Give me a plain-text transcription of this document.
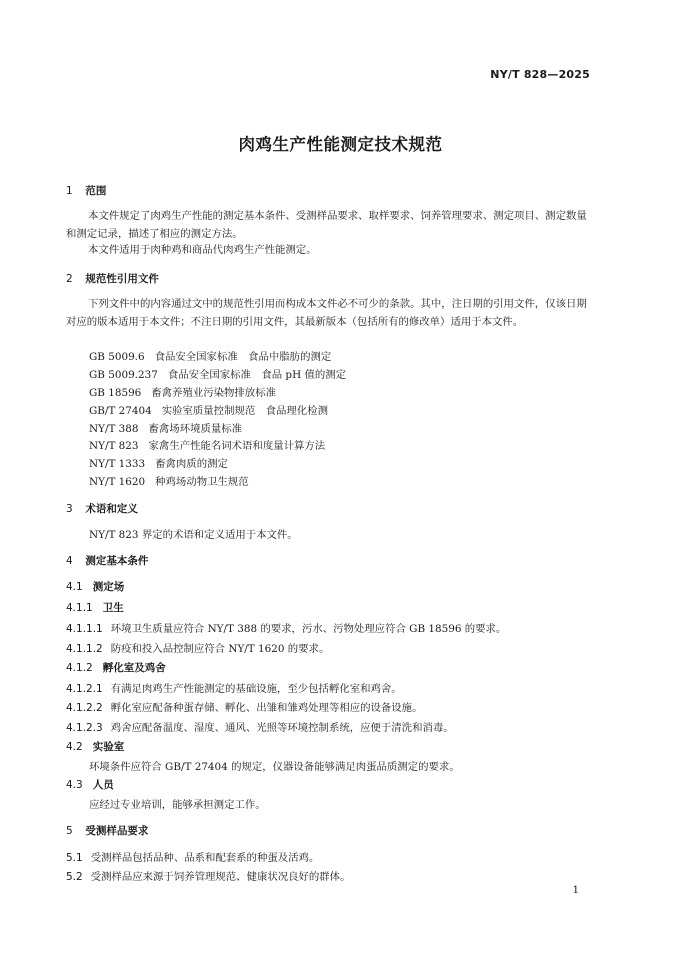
NY/T 828—2025
肉鸡生产性能测定技术规范
1 范围
本文件规定了肉鸡生产性能的测定基本条件、受测样品要求、取样要求、饲养管理要求、测定项目、测定数量和测定记录，描述了相应的测定方法。
本文件适用于肉种鸡和商品代肉鸡生产性能测定。
2 规范性引用文件
下列文件中的内容通过文中的规范性引用而构成本文件必不可少的条款。其中，注日期的引用文件，仅该日期对应的版本适用于本文件；不注日期的引用文件，其最新版本（包括所有的修改单）适用于本文件。
GB 5009.6 食品安全国家标准　食品中脂肪的测定
GB 5009.237 食品安全国家标准　食品 pH 值的测定
GB 18596 畜禽养殖业污染物排放标准
GB/T 27404 实验室质量控制规范　食品理化检测
NY/T 388 畜禽场环境质量标准
NY/T 823 家禽生产性能名词术语和度量计算方法
NY/T 1333 畜禽肉质的测定
NY/T 1620 种鸡场动物卫生规范
3 术语和定义
NY/T 823 界定的术语和定义适用于本文件。
4 测定基本条件
4.1 测定场
4.1.1 卫生
4.1.1.1 环境卫生质量应符合 NY/T 388 的要求，污水、污物处理应符合 GB 18596 的要求。
4.1.1.2 防疫和投入品控制应符合 NY/T 1620 的要求。
4.1.2 孵化室及鸡舍
4.1.2.1 有满足肉鸡生产性能测定的基础设施，至少包括孵化室和鸡舍。
4.1.2.2 孵化室应配备种蛋存储、孵化、出雏和雏鸡处理等相应的设备设施。
4.1.2.3 鸡舍应配备温度、湿度、通风、光照等环境控制系统，应便于清洗和消毒。
4.2 实验室
环境条件应符合 GB/T 27404 的规定，仪器设备能够满足肉蛋品质测定的要求。
4.3 人员
应经过专业培训，能够承担测定工作。
5 受测样品要求
5.1 受测样品包括品种、品系和配套系的种蛋及活鸡。
5.2 受测样品应来源于饲养管理规范、健康状况良好的群体。
1
